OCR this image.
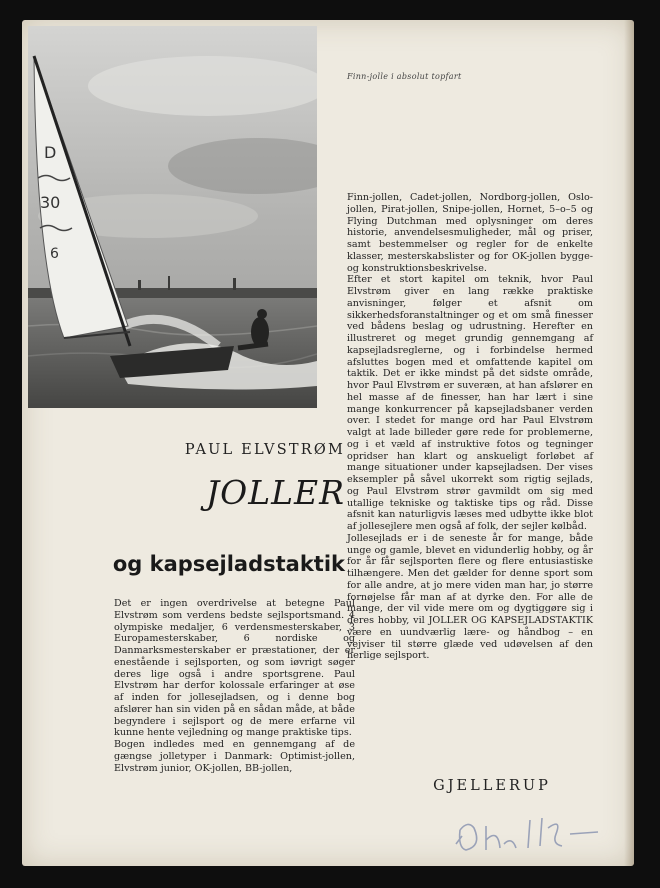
D
30
6
Finn-jolle i absolut topfart

Finn-jollen, Cadet-jollen, Nordborg-jollen, Oslo-jollen, Pirat-jollen, Snipe-jollen, Hornet, 5–o–5 og Flying Dutchman med oplysninger om deres historie, anvendelsesmuligheder, mål og priser, samt bestemmelser og regler for de enkelte klasser, mesterskabslister og for OK-jollen bygge- og konstruktionsbeskrivelse.

Efter et stort kapitel om teknik, hvor Paul Elvstrøm giver en lang række praktiske anvisninger, følger et afsnit om sikkerhedsforanstaltninger og et om små finesser ved bådens beslag og udrustning. Herefter en illustreret og meget grundig gennemgang af kapsejladsreglerne, og i forbindelse hermed afsluttes bogen med et omfattende kapitel om taktik. Det er ikke mindst på det sidste område, hvor Paul Elvstrøm er suveræn, at han afslører en hel masse af de finesser, han har lært i sine mange konkurrencer på kapsejladsbaner verden over. I stedet for mange ord har Paul Elvstrøm valgt at lade billeder gøre rede for problemerne, og i et væld af instruktive fotos og tegninger opridser han klart og anskueligt forløbet af mange situationer under kapsejladsen. Der vises eksempler på såvel ukorrekt som rigtig sejlads, og Paul Elvstrøm strør gavmildt om sig med utallige tekniske og taktiske tips og råd. Disse afsnit kan naturligvis læses med udbytte ikke blot af jollesejlere men også af folk, der sejler kølbåd.

Jollesejlads er i de seneste år for mange, både unge og gamle, blevet en vidunderlig hobby, og år for år får sejlsporten flere og flere entusiastiske tilhængere. Men det gælder for denne sport som for alle andre, at jo mere viden man har, jo større fornøjelse får man af at dyrke den. For alle de mange, der vil vide mere om og dygtiggøre sig i deres hobby, vil JOLLER OG KAPSEJLADSTAKTIK være en uundværlig lære- og håndbog – en vejviser til større glæde ved udøvelsen af den herlige sejlsport.

PAUL ELVSTRØM
JOLLER
og kapsejladstaktik

Det er ingen overdrivelse at betegne Paul Elvstrøm som verdens bedste sejlsportsmand. 4 olympiske medaljer, 6 verdensmesterskaber, 3 Europamesterskaber, 6 nordiske og Danmarksmesterskaber er præstationer, der er enestående i sejlsporten, og som iøvrigt søger deres lige også i andre sportsgrene. Paul Elvstrøm har derfor kolossale erfaringer at øse af inden for jollesejladsen, og i denne bog afslører han sin viden på en sådan måde, at både begyndere i sejlsport og de mere erfarne vil kunne hente vejledning og mange praktiske tips.

Bogen indledes med en gennemgang af de gængse jolletyper i Danmark: Optimist-jollen, Elvstrøm junior, OK-jollen, BB-jollen,

GJELLERUP
